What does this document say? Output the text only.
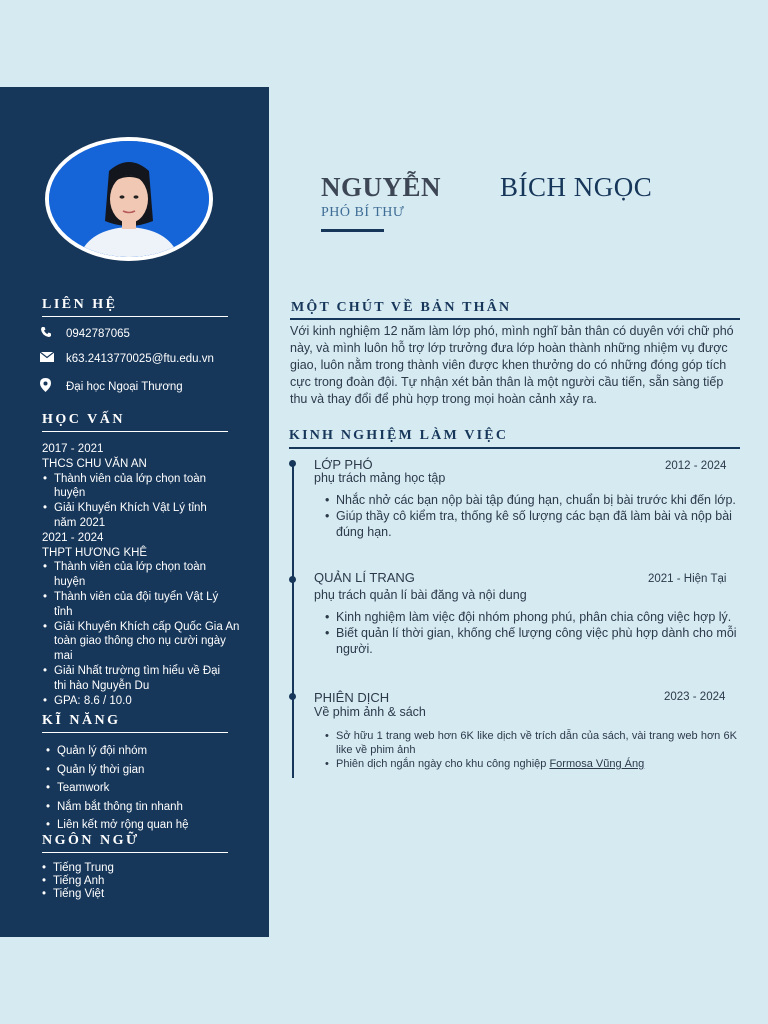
LIÊN HỆ
0942787065
k63.2413770025@ftu.edu.vn
Đại học Ngoại Thương
HỌC VẤN
2017 - 2021
THCS CHU VĂN AN
• Thành viên của lớp chọn toàn huyện
• Giải Khuyến Khích Vật Lý tỉnh năm 2021
2021 - 2024
THPT HƯƠNG KHÊ
• Thành viên của lớp chọn toàn huyện
• Thành viên của đội tuyển Vật Lý tỉnh
• Giải Khuyến Khích cấp Quốc Gia An toàn giao thông cho nụ cười ngày mai
• Giải Nhất trường tìm hiểu về Đại thi hào Nguyễn Du
• GPA: 8.6 / 10.0
KĨ NĂNG
• Quản lý đội nhóm
• Quản lý thời gian
• Teamwork
• Nắm bắt thông tin nhanh
• Liên kết mở rộng quan hệ
NGÔN NGỮ
• Tiếng Trung
• Tiếng Anh
• Tiếng Việt
NGUYỄN BÍCH NGỌC
PHÓ BÍ THƯ
MỘT CHÚT VỀ BẢN THÂN
Với kinh nghiệm 12 năm làm lớp phó, mình nghĩ bản thân có duyên với chữ phó này, và mình luôn hỗ trợ lớp trưởng đưa lớp hoàn thành những nhiệm vụ được giao, luôn nằm trong thành viên được khen thưởng do có những đóng góp tích cực trong đoàn đội. Tự nhận xét bản thân là một người cầu tiến, sẵn sàng tiếp thu và thay đổi để phù hợp trong mọi hoàn cảnh xảy ra.
KINH NGHIỆM LÀM VIỆC
LỚP PHÓ	2012 - 2024
phụ trách mảng học tập
• Nhắc nhở các bạn nộp bài tập đúng hạn, chuẩn bị bài trước khi đến lớp.
• Giúp thầy cô kiểm tra, thống kê số lượng các bạn đã làm bài và nộp bài đúng hạn.
QUẢN LÍ TRANG	2021 - Hiện Tại
phụ trách quản lí bài đăng và nội dung
• Kinh nghiệm làm việc đội nhóm phong phú, phân chia công việc hợp lý.
• Biết quản lí thời gian, khống chế lượng công việc phù hợp dành cho mỗi người.
PHIÊN DỊCH	2023 - 2024
Về phim ảnh & sách
• Sở hữu 1 trang web hơn 6K like dịch về trích dẫn của sách, vài trang web hơn 6K like về phim ảnh
• Phiên dịch ngắn ngày cho khu công nghiệp Formosa Vũng Áng
